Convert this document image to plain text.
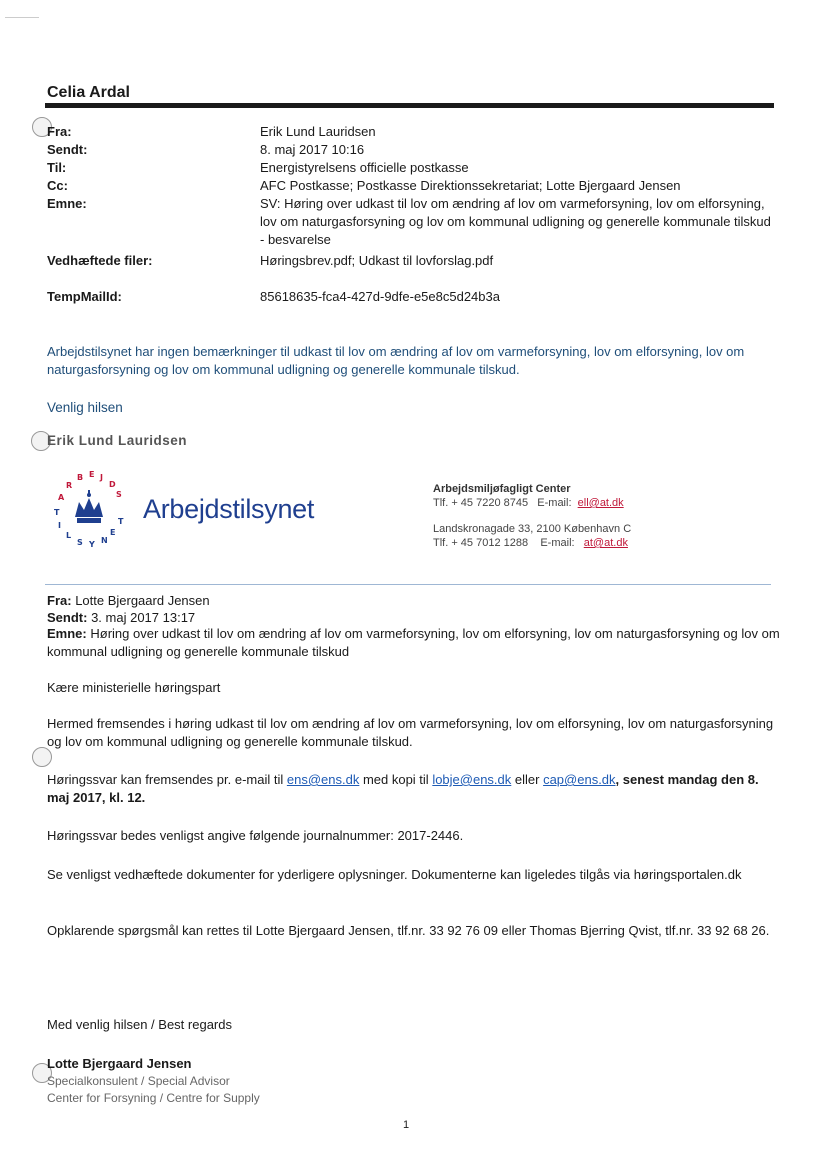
Celia Ardal
Fra:	Erik Lund Lauridsen
Sendt:	8. maj 2017 10:16
Til:	Energistyrelsens officielle postkasse
Cc:	AFC Postkasse; Postkasse Direktionssekretariat; Lotte Bjergaard Jensen
Emne:	SV: Høring over udkast til lov om ændring af lov om varmeforsyning, lov om elforsyning, lov om naturgasforsyning og lov om kommunal udligning og generelle kommunale tilskud - besvarelse
Vedhæftede filer:	Høringsbrev.pdf; Udkast til lovforslag.pdf
TempMailId:	85618635-fca4-427d-9dfe-e5e8c5d24b3a
Arbejdstilsynet har ingen bemærkninger til udkast til lov om ændring af lov om varmeforsyning, lov om elforsyning, lov om naturgasforsyning og lov om kommunal udligning og generelle kommunale tilskud.
Venlig hilsen
Erik Lund Lauridsen
A
R
B E J
D
S
T
I
L
S Y N
E
T Arbejdstilsynet
Arbejdsmiljøfagligt Center
Tlf. + 45 7220 8745 E-mail: ell@at.dk
Landskronagade 33, 2100 København C
Tlf. + 45 7012 1288 E-mail: at@at.dk
Fra: Lotte Bjergaard Jensen
Sendt: 3. maj 2017 13:17
Emne: Høring over udkast til lov om ændring af lov om varmeforsyning, lov om elforsyning, lov om naturgasforsyning og lov om kommunal udligning og generelle kommunale tilskud
Kære ministerielle høringspart
Hermed fremsendes i høring udkast til lov om ændring af lov om varmeforsyning, lov om elforsyning, lov om naturgasforsyning og lov om kommunal udligning og generelle kommunale tilskud.
Høringssvar kan fremsendes pr. e-mail til ens@ens.dk med kopi til lobje@ens.dk eller cap@ens.dk, senest mandag den 8. maj 2017, kl. 12.
Høringssvar bedes venligst angive følgende journalnummer: 2017-2446.
Se venligst vedhæftede dokumenter for yderligere oplysninger. Dokumenterne kan ligeledes tilgås via høringsportalen.dk
Opklarende spørgsmål kan rettes til Lotte Bjergaard Jensen, tlf.nr. 33 92 76 09 eller Thomas Bjerring Qvist, tlf.nr. 33 92 68 26.
Med venlig hilsen / Best regards
Lotte Bjergaard Jensen
Specialkonsulent / Special Advisor
Center for Forsyning / Centre for Supply
1
